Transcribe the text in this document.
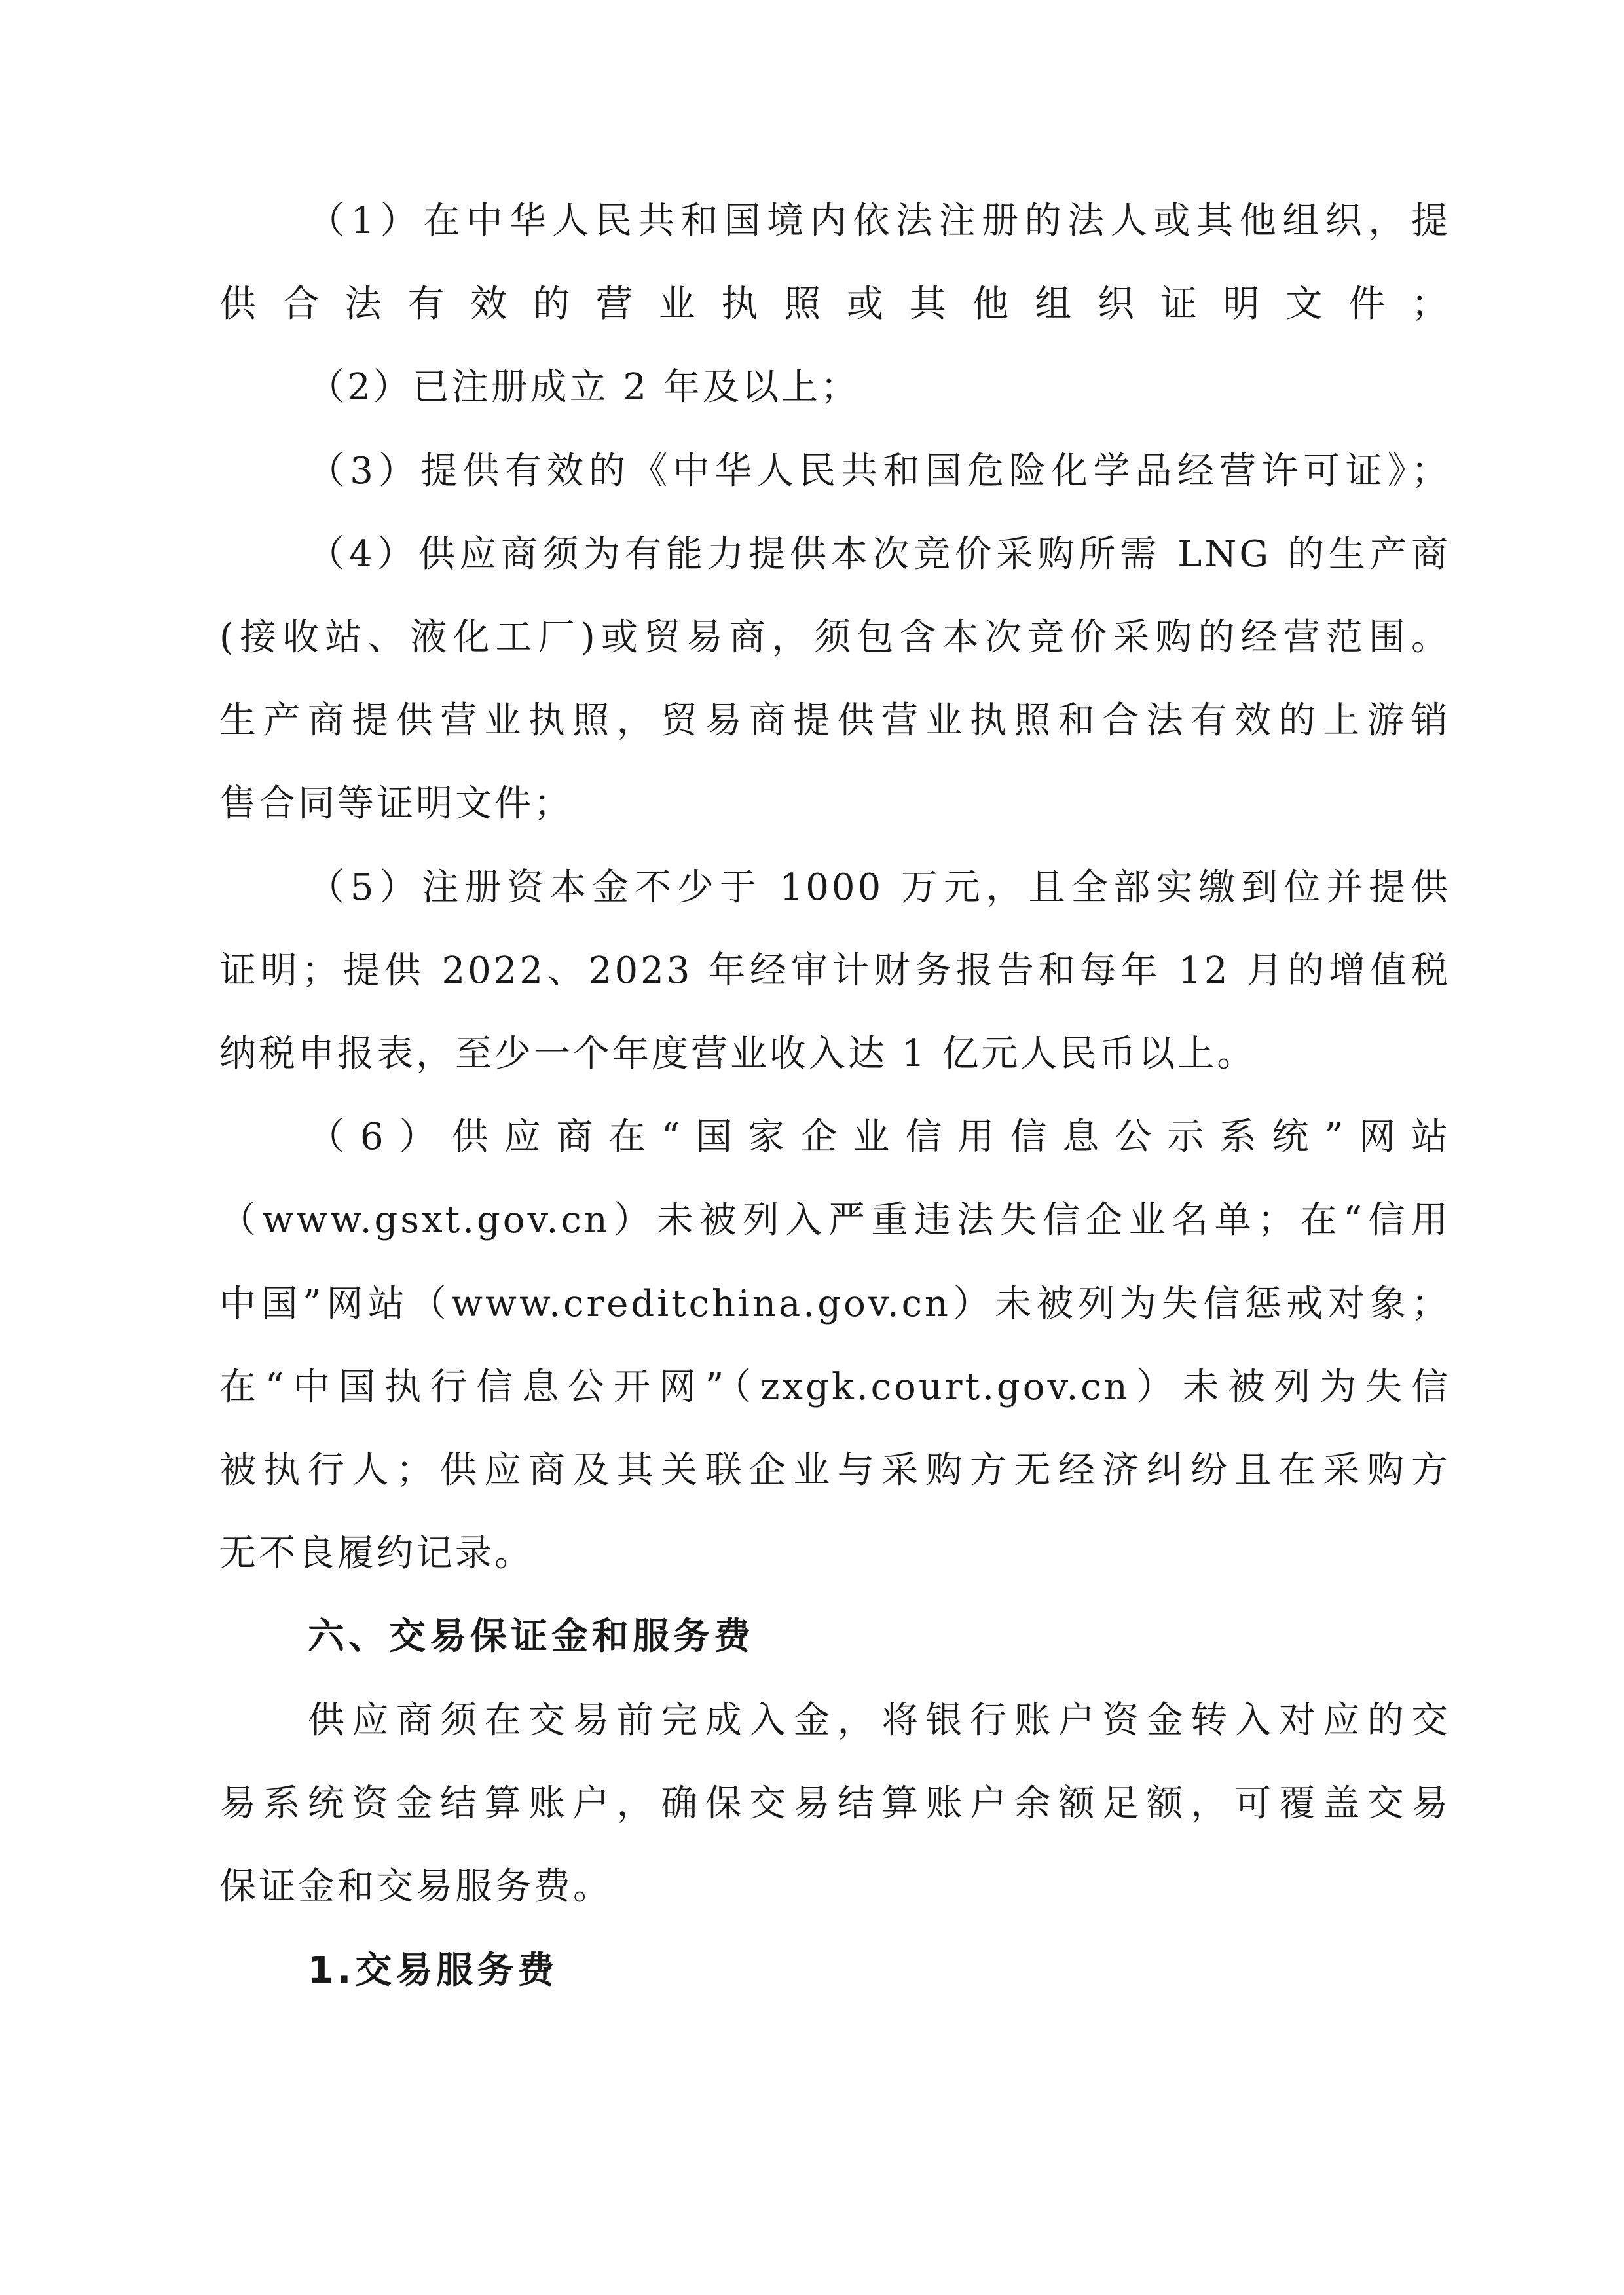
（1）在中华人民共和国境内依法注册的法人或其他组织，提
供合法有效的营业执照或其他组织证明文件；
（2）已注册成立 2 年及以上；
（3）提供有效的《中华人民共和国危险化学品经营许可证》；
（4）供应商须为有能力提供本次竞价采购所需 LNG 的生产商
(接收站、液化工厂)或贸易商，须包含本次竞价采购的经营范围。
生产商提供营业执照，贸易商提供营业执照和合法有效的上游销
售合同等证明文件；
（5）注册资本金不少于 1000 万元，且全部实缴到位并提供
证明；提供 2022、2023 年经审计财务报告和每年 12 月的增值税
纳税申报表，至少一个年度营业收入达 1 亿元人民币以上。
（6）供应商在“国家企业信用信息公示系统”网站
（www.gsxt.gov.cn）未被列入严重违法失信企业名单；在“信用
中国”网站（www.creditchina.gov.cn）未被列为失信惩戒对象；
在“中国执行信息公开网”（zxgk.court.gov.cn）未被列为失信
被执行人；供应商及其关联企业与采购方无经济纠纷且在采购方
无不良履约记录。
六、交易保证金和服务费
供应商须在交易前完成入金，将银行账户资金转入对应的交
易系统资金结算账户，确保交易结算账户余额足额，可覆盖交易
保证金和交易服务费。
1.交易服务费
